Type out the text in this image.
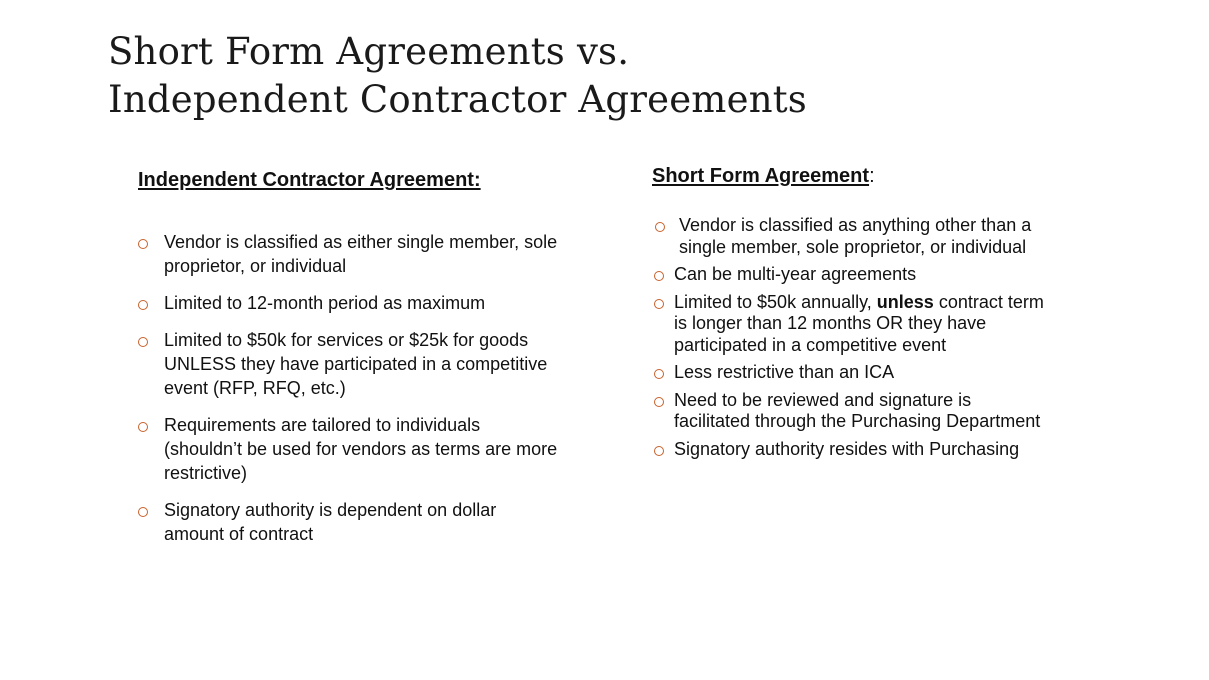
Short Form Agreements vs.
Independent Contractor Agreements
Independent Contractor Agreement:
Vendor is classified as either single member, sole proprietor, or individual
Limited to 12-month period as maximum
Limited to $50k for services or $25k for goods UNLESS they have participated in a competitive event (RFP, RFQ, etc.)
Requirements are tailored to individuals (shouldn’t be used for vendors as terms are more restrictive)
Signatory authority is dependent on dollar amount of contract
Short Form Agreement:
Vendor is classified as anything other than a single member, sole proprietor, or individual
Can be multi-year agreements
Limited to $50k annually, unless contract term is longer than 12 months OR they have participated in a competitive event
Less restrictive than an ICA
Need to be reviewed and signature is facilitated through the Purchasing Department
Signatory authority resides with Purchasing
